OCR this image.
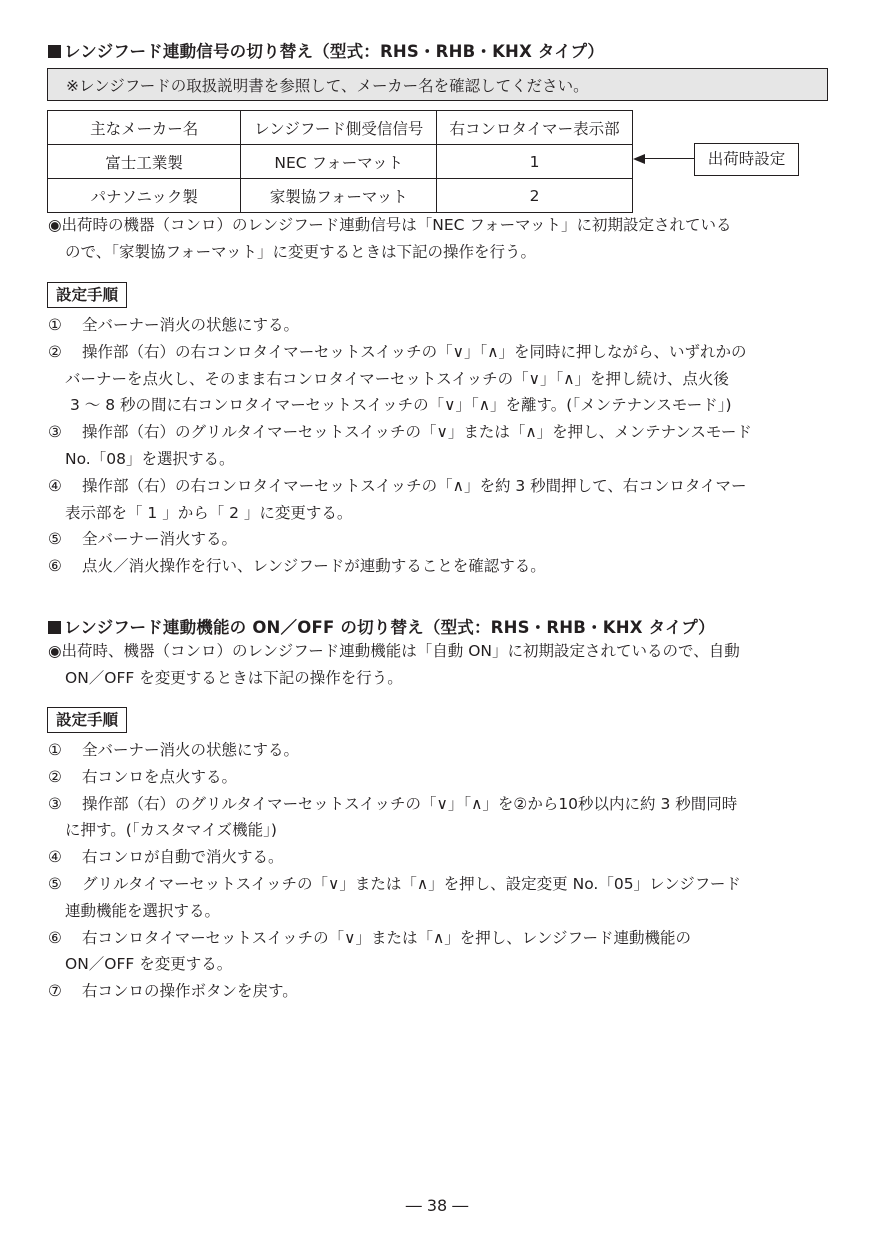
レンジフード連動信号の切り替え（型式：RHS・RHB・KHX タイプ）
※レンジフードの取扱説明書を参照して、メーカー名を確認してください。
主なメーカー名	レンジフード側受信信号	右コンロタイマー表示部
富士工業製	NEC フォーマット	1
パナソニック製	家製協フォーマット	2
出荷時設定
◉出荷時の機器（コンロ）のレンジフード連動信号は「NEC フォーマット」に初期設定されている
ので、「家製協フォーマット」に変更するときは下記の操作を行う。
設定手順
① 全バーナー消火の状態にする。
② 操作部（右）の右コンロタイマーセットスイッチの「∨」「∧」を同時に押しながら、いずれかの
バーナーを点火し、そのまま右コンロタイマーセットスイッチの「∨」「∧」を押し続け、点火後
3 ～ 8 秒の間に右コンロタイマーセットスイッチの「∨」「∧」を離す。(「メンテナンスモード」)
③ 操作部（右）のグリルタイマーセットスイッチの「∨」または「∧」を押し、メンテナンスモード
No.「08」を選択する。
④ 操作部（右）の右コンロタイマーセットスイッチの「∧」を約 3 秒間押して、右コンロタイマー
表示部を「 1 」から「 2 」に変更する。
⑤ 全バーナー消火する。
⑥ 点火／消火操作を行い、レンジフードが連動することを確認する。
レンジフード連動機能の ON／OFF の切り替え（型式：RHS・RHB・KHX タイプ）
◉出荷時、機器（コンロ）のレンジフード連動機能は「自動 ON」に初期設定されているので、自動
ON／OFF を変更するときは下記の操作を行う。
設定手順
① 全バーナー消火の状態にする。
② 右コンロを点火する。
③ 操作部（右）のグリルタイマーセットスイッチの「∨」「∧」を②から10秒以内に約 3 秒間同時
に押す。(「カスタマイズ機能」)
④ 右コンロが自動で消火する。
⑤ グリルタイマーセットスイッチの「∨」または「∧」を押し、設定変更 No.「05」レンジフード
連動機能を選択する。
⑥ 右コンロタイマーセットスイッチの「∨」または「∧」を押し、レンジフード連動機能の
ON／OFF を変更する。
⑦ 右コンロの操作ボタンを戻す。
― 38 ―
